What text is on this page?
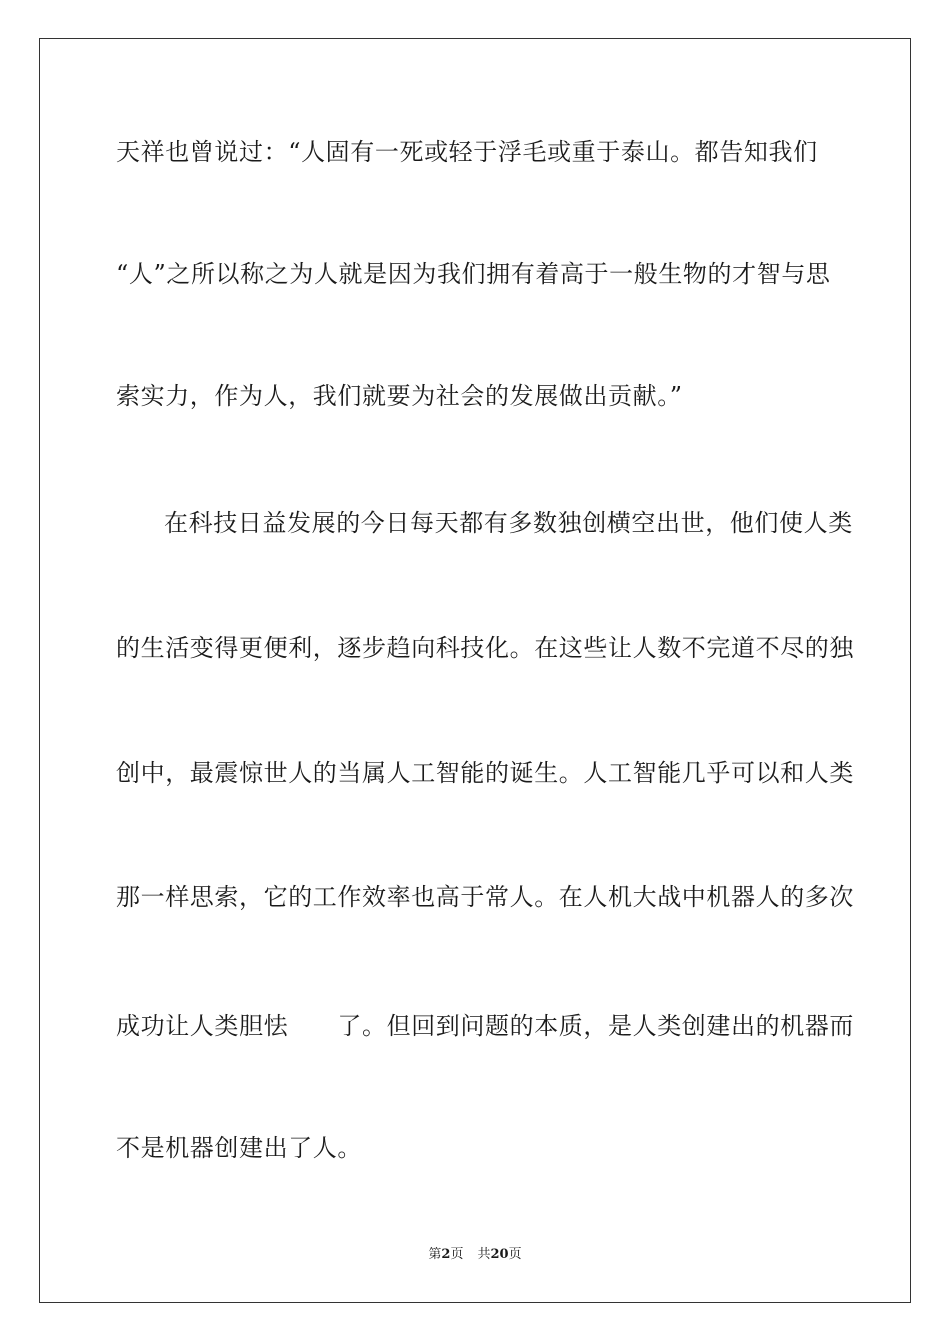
天祥也曾说过：“人固有一死或轻于浮毛或重于泰山。都告知我们
“人”之所以称之为人就是因为我们拥有着高于一般生物的才智与思
索实力，作为人，我们就要为社会的发展做出贡献。”
在科技日益发展的今日每天都有多数独创横空出世，他们使人类
的生活变得更便利，逐步趋向科技化。在这些让人数不完道不尽的独
创中，最震惊世人的当属人工智能的诞生。人工智能几乎可以和人类
那一样思索，它的工作效率也高于常人。在人机大战中机器人的多次
成功让人类胆怯　　了。但回到问题的本质，是人类创建出的机器而
不是机器创建出了人。
第2页 共20页
